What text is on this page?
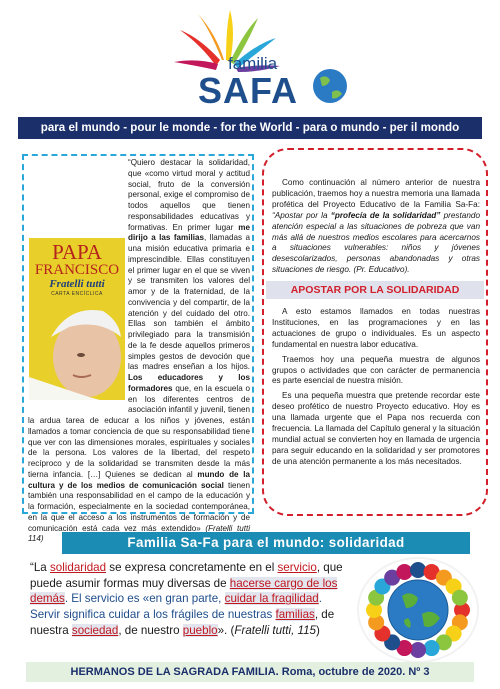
familia
SAFA
para el mundo - pour le monde - for the World - para o mundo - per il mondo

“Quiero destacar la solidaridad, que «como virtud moral y actitud social, fruto de la conversión personal, exige el compromiso de todos aquellos que tienen responsabilidades educativas y formativas. En primer lugar me dirijo a las familias, llamadas a una misión educativa primaria e imprescindible. Ellas constituyen el primer lugar en el que se viven y se transmiten los valores del amor y de la fraternidad, de la convivencia y del compartir, de la atención y del cuidado del otro. Ellas son también el ámbito privilegiado para la transmisión de la fe desde aquellos primeros simples gestos de devoción que las madres enseñan a los hijos. Los educadores y los formadores que, en la escuela o en los diferentes centros de asociación infantil y juvenil, tienen la ardua tarea de educar a los niños y jóvenes, están llamados a tomar conciencia de que su responsabilidad tiene que ver con las dimensiones morales, espirituales y sociales de la persona. Los valores de la libertad, del respeto recíproco y de la solidaridad se transmiten desde la más tierna infancia. […] Quienes se dedican al mundo de la cultura y de los medios de comunicación social tienen también una responsabilidad en el campo de la educación y la formación, especialmente en la sociedad contemporánea, en la que el acceso a los instrumentos de formación y de comunicación está cada vez más extendido» (Fratelli tutti 114)

PAPA
FRANCISCO
Fratelli tutti
CARTA ENCÍCLICA
Como continuación al número anterior de nuestra publicación, traemos hoy a nuestra memoria una llamada profética del Proyecto Educativo de la Familia Sa-Fa: “Apostar por la “profecía de la solidaridad” prestando atención especial a las situaciones de pobreza que van más allá de nuestros medios escolares para acercarnos a situaciones vulnerables: niños y jóvenes desescolarizados, personas abandonadas y otras situaciones de riesgo. (Pr. Educativo).
APOSTAR POR LA SOLIDARIDAD

A esto estamos llamados en todas nuestras Instituciones, en las programaciones y en las actuaciones de grupo o individuales. Es un aspecto fundamental en nuestra labor educativa.

Traemos hoy una pequeña muestra de algunos grupos o actividades que con carácter de permanencia es parte esencial de nuestra misión.

Es una pequeña muestra que pretende recordar este deseo profético de nuestro Proyecto educativo. Hoy es una llamada urgente que el Papa nos recuerda con frecuencia. La llamada del Capítulo general y la situación mundial actual se convierten hoy en llamada de urgencia para seguir educando en la solidaridad y ser promotores de una atención permanente a los más necesitados.

Familia Sa-Fa para el mundo: solidaridad
“La solidaridad se expresa concretamente en el servicio, que puede asumir formas muy diversas de hacerse cargo de los demás. El servicio es «en gran parte, cuidar la fragilidad. Servir significa cuidar a los frágiles de nuestras familias, de nuestra sociedad, de nuestro pueblo». (Fratelli tutti, 115)
HERMANOS DE LA SAGRADA FAMILIA. Roma, octubre de 2020. Nº 3
